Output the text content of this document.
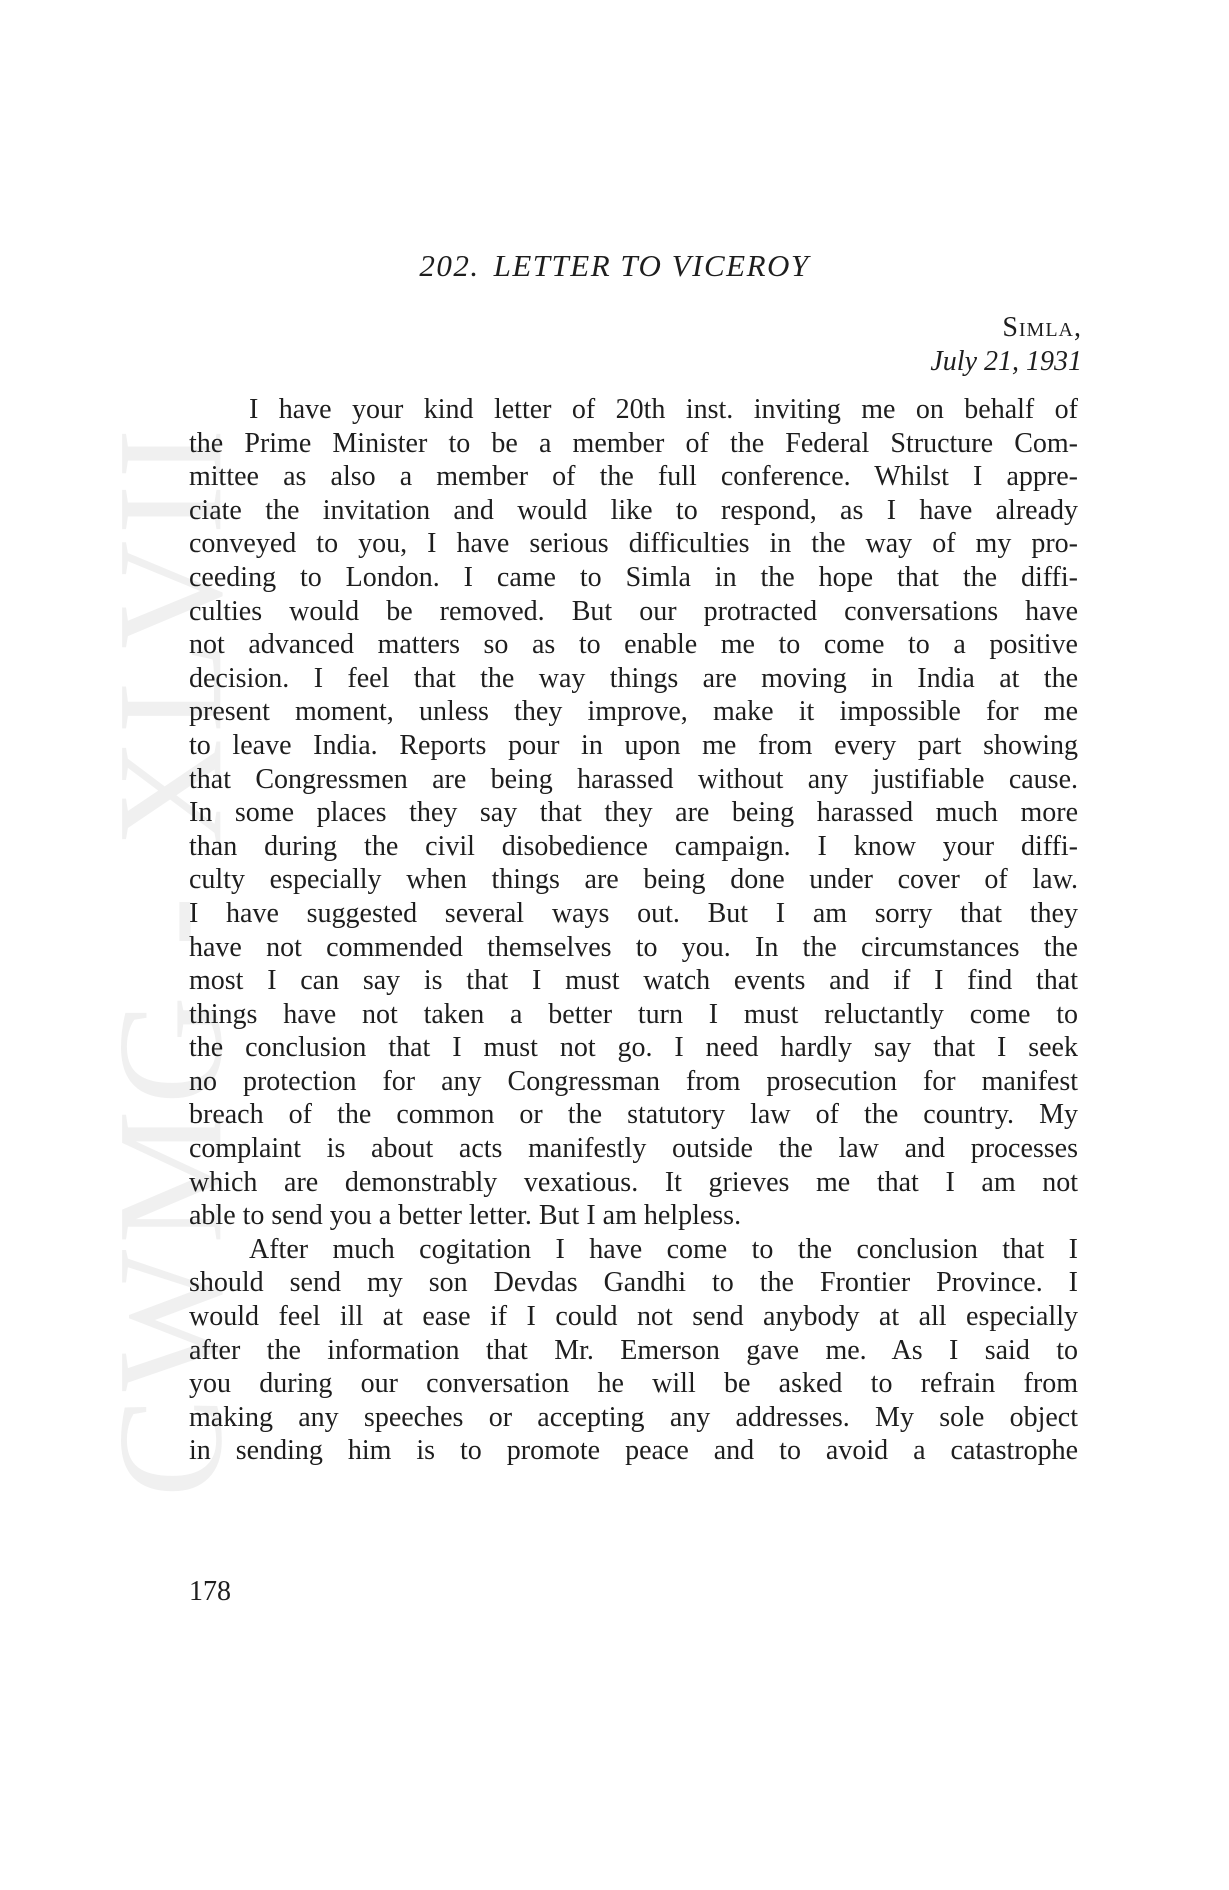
CWMG - XLVII
202. LETTER TO VICEROY
Simla,
July 21, 1931

I have your kind letter of 20th inst. inviting me on behalf of
the Prime Minister to be a member of the Federal Structure Com-
mittee as also a member of the full conference. Whilst I appre-
ciate the invitation and would like to respond, as I have already
conveyed to you, I have serious difficulties in the way of my pro-
ceeding to London. I came to Simla in the hope that the diffi-
culties would be removed. But our protracted conversations have
not advanced matters so as to enable me to come to a positive
decision. I feel that the way things are moving in India at the
present moment, unless they improve, make it impossible for me
to leave India. Reports pour in upon me from every part showing
that Congressmen are being harassed without any justifiable cause.
In some places they say that they are being harassed much more
than during the civil disobedience campaign. I know your diffi-
culty especially when things are being done under cover of law.
I have suggested several ways out. But I am sorry that they
have not commended themselves to you. In the circumstances the
most I can say is that I must watch events and if I find that
things have not taken a better turn I must reluctantly come to
the conclusion that I must not go. I need hardly say that I seek
no protection for any Congressman from prosecution for manifest
breach of the common or the statutory law of the country. My
complaint is about acts manifestly outside the law and processes
which are demonstrably vexatious. It grieves me that I am not
able to send you a better letter. But I am helpless.

After much cogitation I have come to the conclusion that I
should send my son Devdas Gandhi to the Frontier Province. I
would feel ill at ease if I could not send anybody at all especially
after the information that Mr. Emerson gave me. As I said to
you during our conversation he will be asked to refrain from
making any speeches or accepting any addresses. My sole object
in sending him is to promote peace and to avoid a catastrophe

178
